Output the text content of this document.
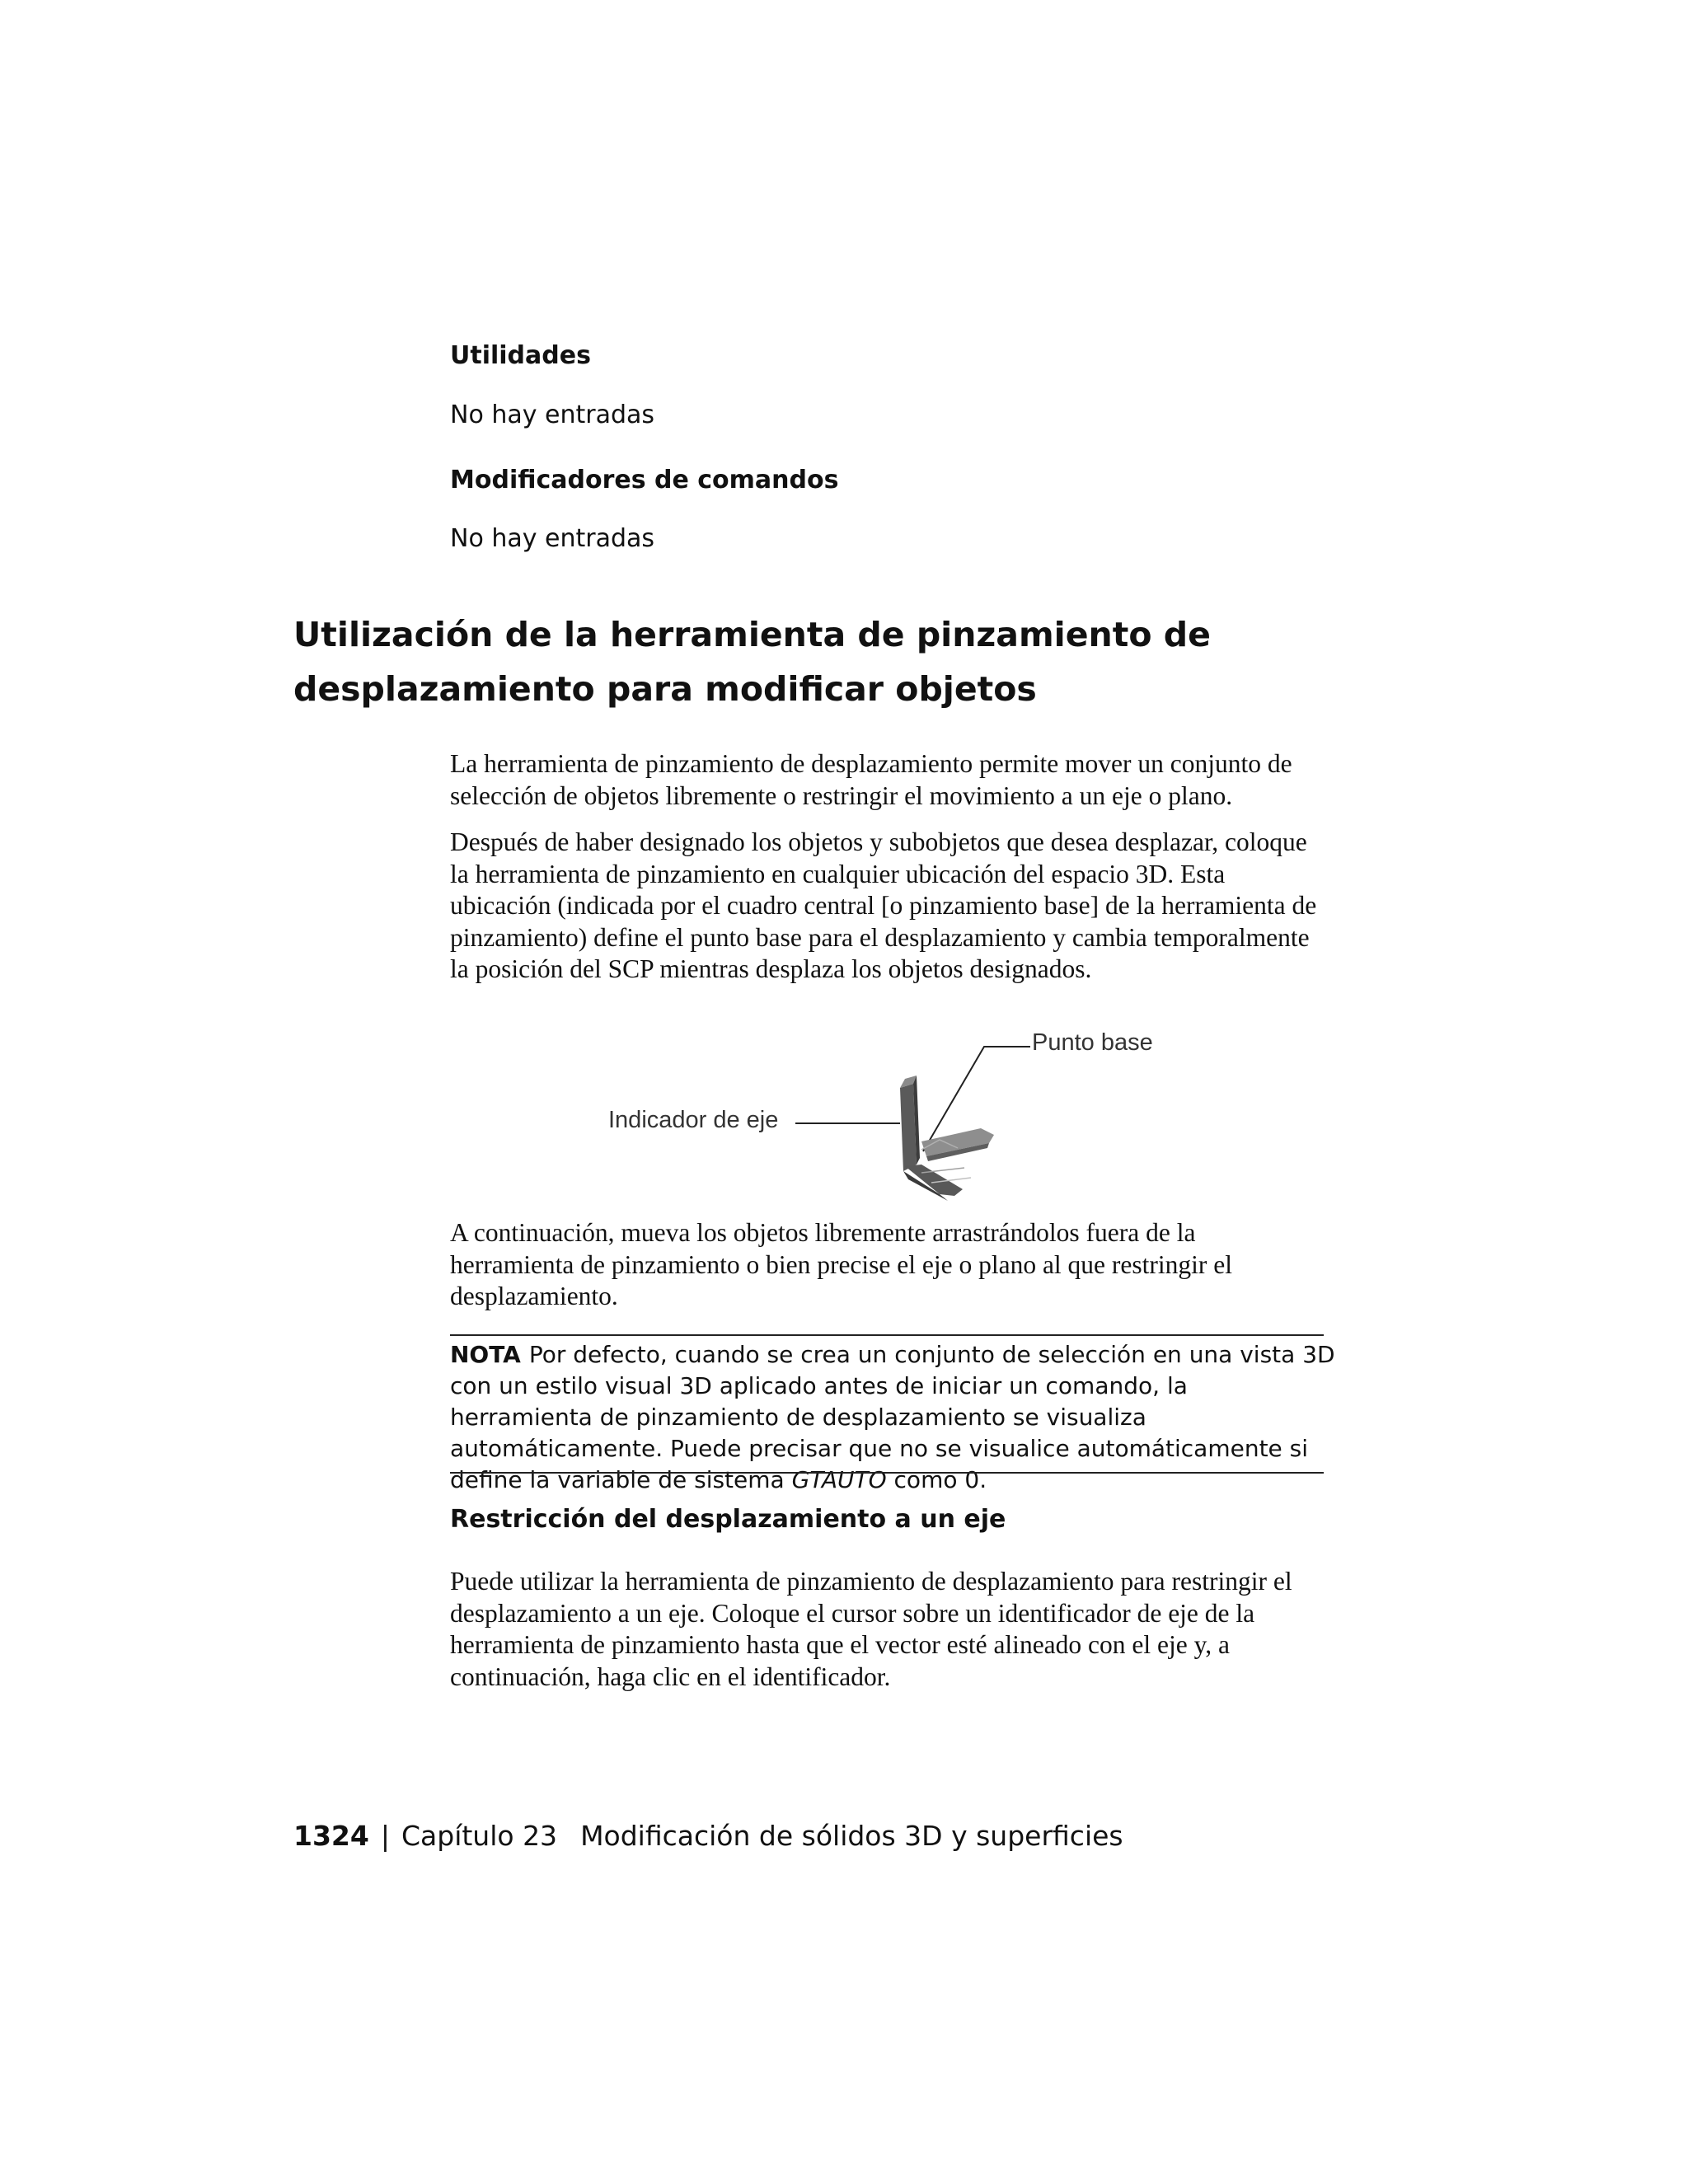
Utilidades
No hay entradas
Modificadores de comandos
No hay entradas
Utilización de la herramienta de pinzamiento de
desplazamiento para modificar objetos
La herramienta de pinzamiento de desplazamiento permite mover un conjunto de selección de objetos libremente o restringir el movimiento a un eje o plano.
Después de haber designado los objetos y subobjetos que desea desplazar, coloque la herramienta de pinzamiento en cualquier ubicación del espacio 3D. Esta ubicación (indicada por el cuadro central [o pinzamiento base] de la herramienta de pinzamiento) define el punto base para el desplazamiento y cambia temporalmente la posición del SCP mientras desplaza los objetos designados.
Punto base
Indicador de eje
A continuación, mueva los objetos libremente arrastrándolos fuera de la herramienta de pinzamiento o bien precise el eje o plano al que restringir el desplazamiento.
NOTA Por defecto, cuando se crea un conjunto de selección en una vista 3D con un estilo visual 3D aplicado antes de iniciar un comando, la herramienta de pinzamiento de desplazamiento se visualiza automáticamente. Puede precisar que no se visualice automáticamente si define la variable de sistema GTAUTO como 0.
Restricción del desplazamiento a un eje
Puede utilizar la herramienta de pinzamiento de desplazamiento para restringir el desplazamiento a un eje. Coloque el cursor sobre un identificador de eje de la herramienta de pinzamiento hasta que el vector esté alineado con el eje y, a continuación, haga clic en el identificador.
1324 | Capítulo 23 Modificación de sólidos 3D y superficies
